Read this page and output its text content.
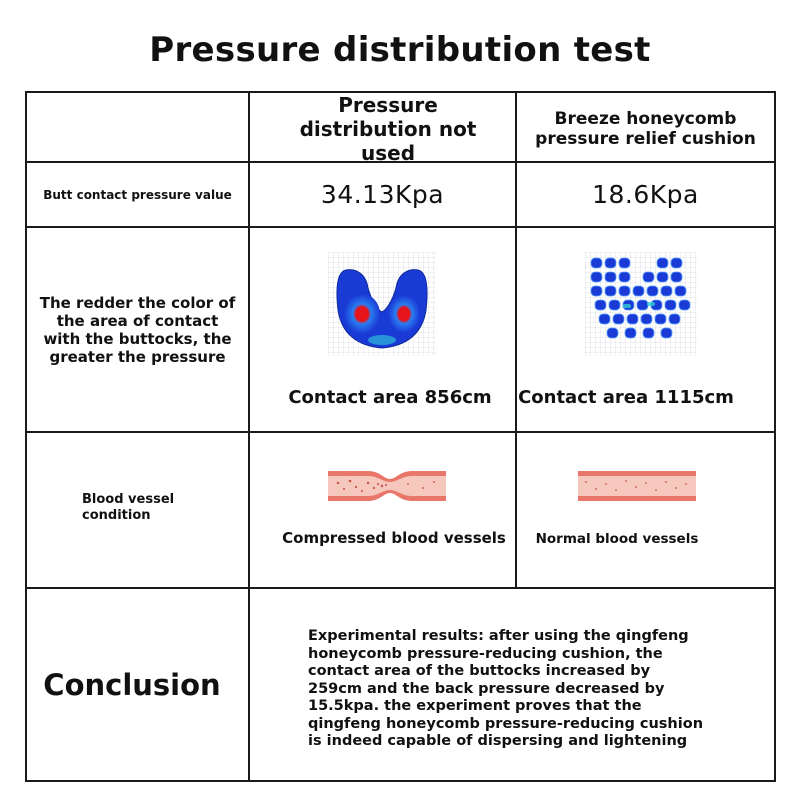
Pressure distribution test
Pressure distribution not used
Breeze honeycomb
pressure relief cushion
Butt contact pressure value	34.13Kpa	18.6Kpa
The redder the color of the area of contact with the buttocks, the greater the pressure
Contact area 856cm Contact area 1115cm
Blood vessel
condition
Compressed blood vessels Normal blood vessels
Conclusion
Experimental results: after using the qingfeng honeycomb pressure-reducing cushion, the contact area of the buttocks increased by 259cm and the back pressure decreased by 15.5kpa. the experiment proves that the qingfeng honeycomb pressure-reducing cushion is indeed capable of dispersing and lightening
